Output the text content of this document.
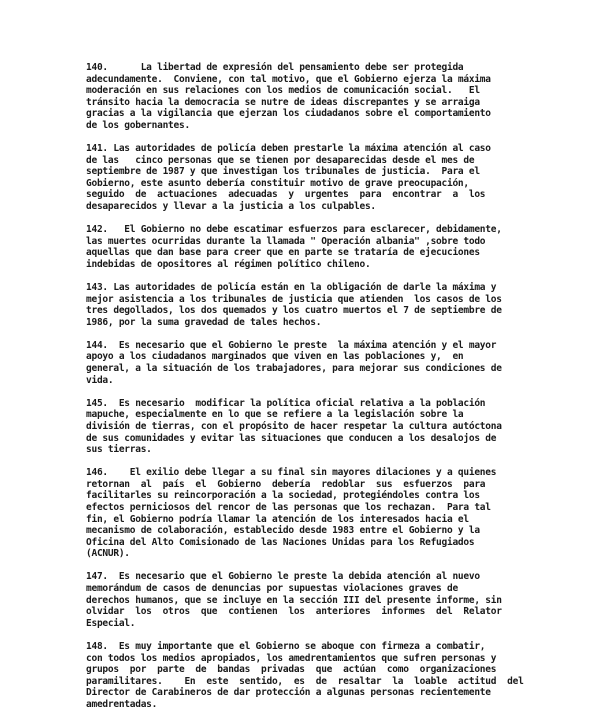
140.      La libertad de expresión del pensamiento debe ser protegida
adecundamente.  Conviene, con tal motivo, que el Gobierno ejerza la máxima
moderación en sus relaciones con los medios de comunicación social.   El
tránsito hacia la democracia se nutre de ideas discrepantes y se arraiga
gracias a la vigilancia que ejerzan los ciudadanos sobre el comportamiento
de los gobernantes.

141. Las autoridades de policía deben prestarle la máxima atención al caso
de las   cinco personas que se tienen por desaparecidas desde el mes de
septiembre de 1987 y que investigan los tribunales de justicia.  Para el
Gobierno, este asunto debería constituir motivo de grave preocupación,
seguido  de  actuaciones  adecuadas  y  urgentes  para  encontrar  a  los
desaparecidos y llevar a la justicia a los culpables.

142.   El Gobierno no debe escatimar esfuerzos para esclarecer, debidamente,
las muertes ocurridas durante la llamada " Operación albania" ,sobre todo
aquellas que dan base para creer que en parte se trataría de ejecuciones
indebidas de opositores al régimen político chileno.

143. Las autoridades de policía están en la obligación de darle la máxima y
mejor asistencia a los tribunales de justicia que atienden  los casos de los
tres degollados, los dos quemados y los cuatro muertos el 7 de septiembre de
1986, por la suma gravedad de tales hechos.

144.  Es necesario que el Gobierno le preste  la máxima atención y el mayor
apoyo a los ciudadanos marginados que viven en las poblaciones y,  en
general, a la situación de los trabajadores, para mejorar sus condiciones de
vida.

145.  Es necesario  modificar la política oficial relativa a la población
mapuche, especialmente en lo que se refiere a la legislación sobre la
división de tierras, con el propósito de hacer respetar la cultura autóctona
de sus comunidades y evitar las situaciones que conducen a los desalojos de
sus tierras.

146.    El exilio debe llegar a su final sin mayores dilaciones y a quienes
retornan  al  país  el  Gobierno  debería  redoblar  sus  esfuerzos  para
facilitarles su reincorporación a la sociedad, protegiéndoles contra los
efectos perniciosos del rencor de las personas que los rechazan.  Para tal
fin, el Gobierno podría llamar la atención de los interesados hacia el
mecanismo de colaboración, establecido desde 1983 entre el Gobierno y la
Oficina del Alto Comisionado de las Naciones Unidas para los Refugiados
(ACNUR).

147.  Es necesario que el Gobierno le preste la debida atención al nuevo
memorándum de casos de denuncias por supuestas violaciones graves de
derechos humanos, que se incluye en la sección III del presente informe, sin
olvidar  los  otros  que  contienen  los  anteriores  informes  del  Relator
Especial.

148.  Es muy importante que el Gobierno se aboque con firmeza a combatir,
con todos los medios apropiados, los amedrentamientos que sufren personas y
grupos  por  parte  de  bandas  privadas  que  actúan  como  organizaciones
paramilitares.    En  este  sentido,  es  de  resaltar  la  loable  actitud  del
Director de Carabineros de dar protección a algunas personas recientemente
amedrentadas.
